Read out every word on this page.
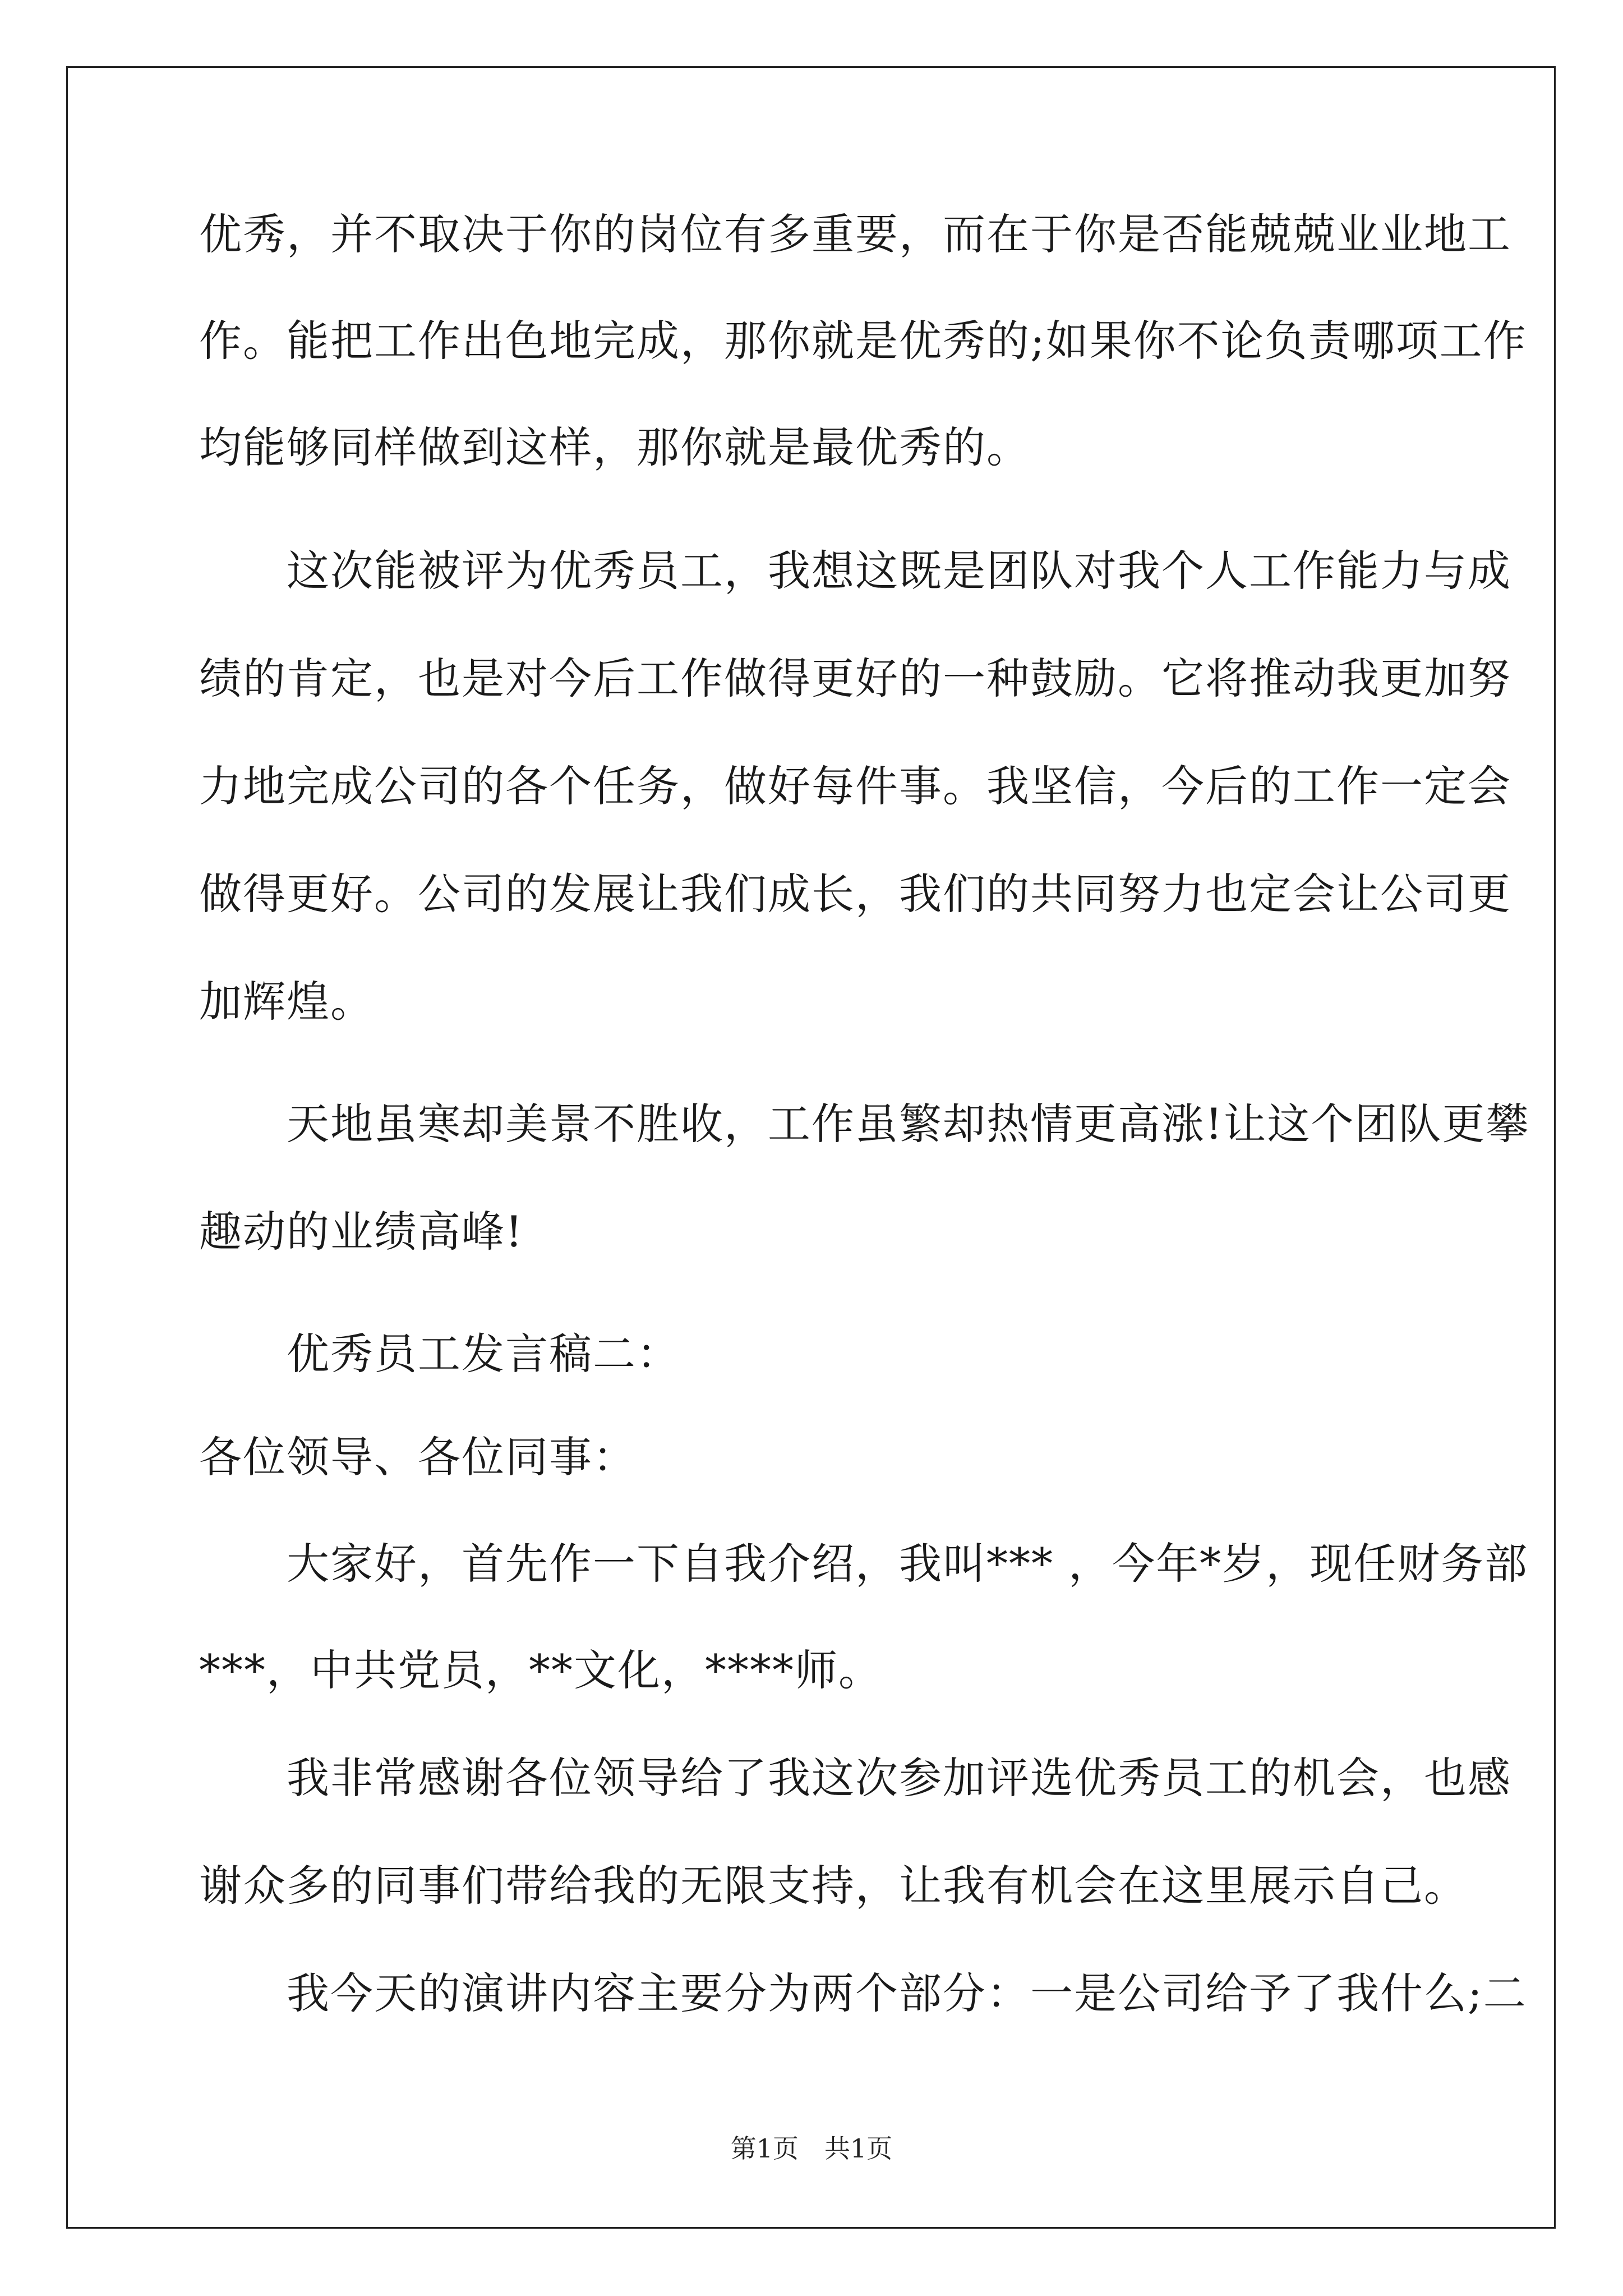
优秀，并不取决于你的岗位有多重要，而在于你是否能兢兢业业地工
作。能把工作出色地完成，那你就是优秀的;如果你不论负责哪项工作
均能够同样做到这样，那你就是最优秀的。
　　这次能被评为优秀员工，我想这既是团队对我个人工作能力与成
绩的肯定，也是对今后工作做得更好的一种鼓励。它将推动我更加努
力地完成公司的各个任务，做好每件事。我坚信，今后的工作一定会
做得更好。公司的发展让我们成长，我们的共同努力也定会让公司更
加辉煌。
　　天地虽寒却美景不胜收，工作虽繁却热情更高涨!让这个团队更攀
趣动的业绩高峰!
　　优秀员工发言稿二：
各位领导、各位同事：
　　大家好，首先作一下自我介绍，我叫*** ，今年*岁，现任财务部
***，中共党员，**文化，****师。
　　我非常感谢各位领导给了我这次参加评选优秀员工的机会，也感
谢众多的同事们带给我的无限支持，让我有机会在这里展示自己。
　　我今天的演讲内容主要分为两个部分：一是公司给予了我什么;二
第1页　共1页
